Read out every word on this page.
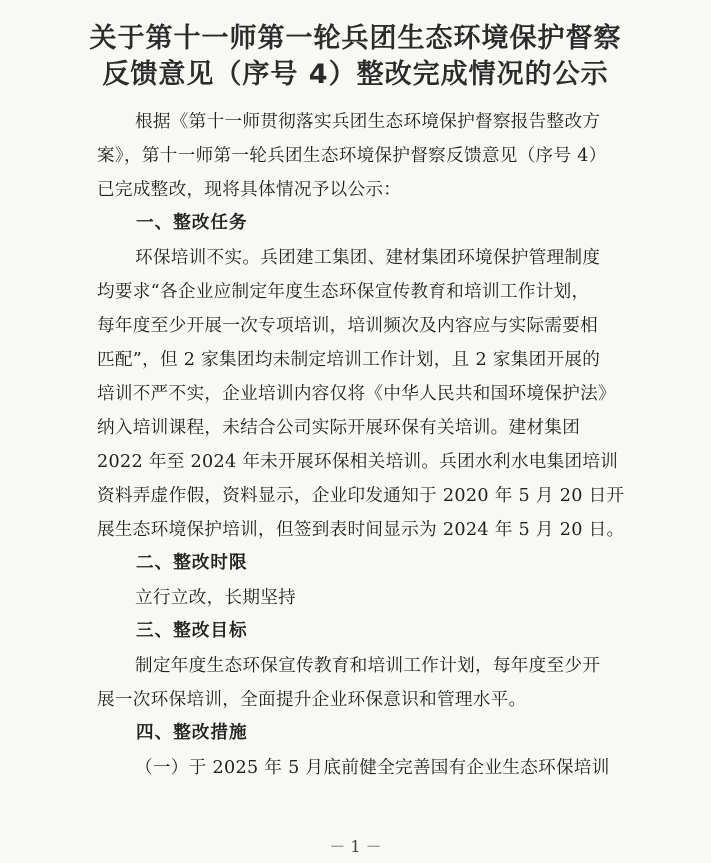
关于第十一师第一轮兵团生态环境保护督察
反馈意见（序号 4）整改完成情况的公示
根据《第十一师贯彻落实兵团生态环境保护督察报告整改方
案》，第十一师第一轮兵团生态环境保护督察反馈意见（序号 4）
已完成整改，现将具体情况予以公示：
一、整改任务
环保培训不实。兵团建工集团、建材集团环境保护管理制度
均要求“各企业应制定年度生态环保宣传教育和培训工作计划，
每年度至少开展一次专项培训，培训频次及内容应与实际需要相
匹配”，但 2 家集团均未制定培训工作计划，且 2 家集团开展的
培训不严不实，企业培训内容仅将《中华人民共和国环境保护法》
纳入培训课程，未结合公司实际开展环保有关培训。建材集团
2022 年至 2024 年未开展环保相关培训。兵团水利水电集团培训
资料弄虚作假，资料显示，企业印发通知于 2020 年 5 月 20 日开
展生态环境保护培训，但签到表时间显示为 2024 年 5 月 20 日。
二、整改时限
立行立改，长期坚持
三、整改目标
制定年度生态环保宣传教育和培训工作计划，每年度至少开
展一次环保培训，全面提升企业环保意识和管理水平。
四、整改措施
（一）于 2025 年 5 月底前健全完善国有企业生态环保培训
－ 1 －
